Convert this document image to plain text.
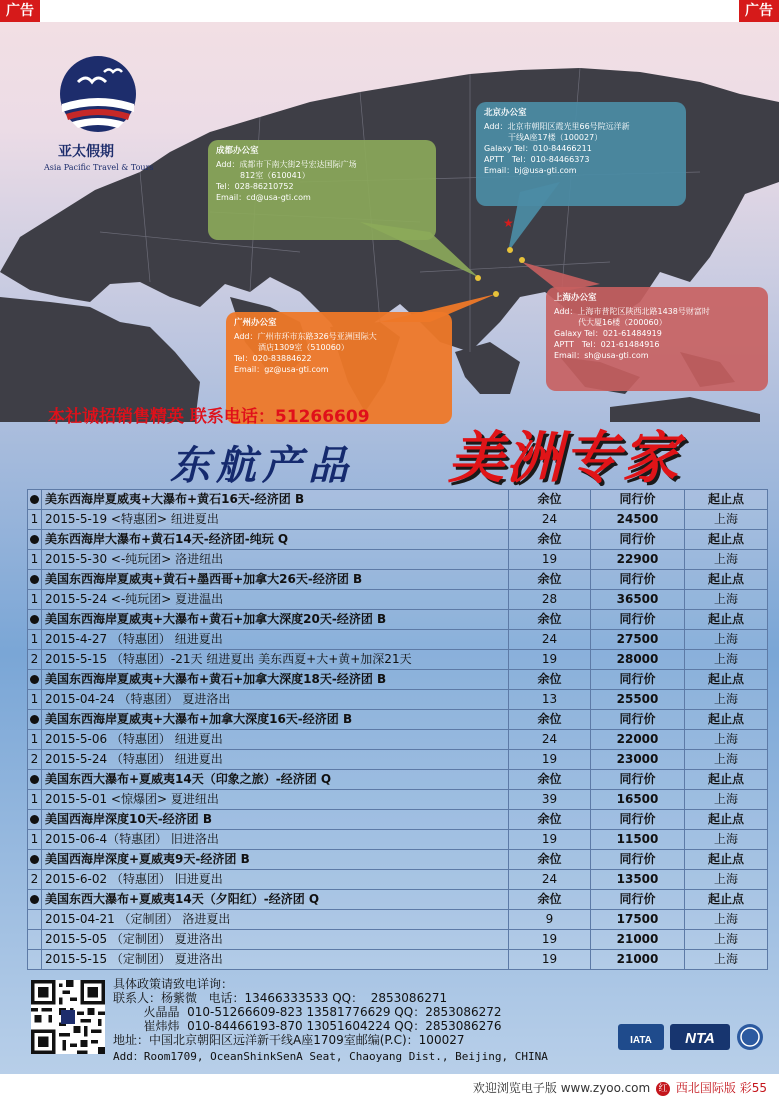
广告	广告
★
亚太假期
Asia Pacific Travel & Tours
成都办公室
Add：成都市下南大街2号宏达国际广场
　　　812室（610041）
Tel：028-86210752
Email：cd@usa-gti.com
北京办公室
Add：北京市朝阳区霞光里66号院远洋新
　　　干线A座17楼（100027）
Galaxy Tel：010-84466211
APTT　Tel：010-84466373
Email：bj@usa-gti.com
上海办公室
Add：上海市普陀区陕西北路1438号财富时
　　　代大厦16楼（200060）
Galaxy Tel：021-61484919
APTT　Tel：021-61484916
Email：sh@usa-gti.com
广州办公室
Add：广州市环市东路326号亚洲国际大
　　　酒店1309室（510060）
Tel：020-83884622
Email：gz@usa-gti.com
本社诚招销售精英 联系电话：51266609
东航产品 美洲专家
	美东西海岸夏威夷+大瀑布+黄石16天-经济团 B	余位	同行价	起止点
1	2015-5-19 <特惠团> 纽进夏出	24	24500	上海
	美东西海岸大瀑布+黄石14天-经济团-纯玩 Q	余位	同行价	起止点
1	2015-5-30 <-纯玩团> 洛进纽出	19	22900	上海
	美国东西海岸夏威夷+黄石+墨西哥+加拿大26天-经济团 B	余位	同行价	起止点
1	2015-5-24 <-纯玩团> 夏进温出	28	36500	上海
	美国东西海岸夏威夷+大瀑布+黄石+加拿大深度20天-经济团 B	余位	同行价	起止点
1	2015-4-27 （特惠团） 纽进夏出	24	27500	上海
2	2015-5-15 （特惠团）-21天 纽进夏出 美东西夏+大+黄+加深21天	19	28000	上海
	美国东西海岸夏威夷+大瀑布+黄石+加拿大深度18天-经济团 B	余位	同行价	起止点
1	2015-04-24 （特惠团） 夏进洛出	13	25500	上海
	美国东西海岸夏威夷+大瀑布+加拿大深度16天-经济团 B	余位	同行价	起止点
1	2015-5-06 （特惠团） 纽进夏出	24	22000	上海
2	2015-5-24 （特惠团） 纽进夏出	19	23000	上海
	美国东西大瀑布+夏威夷14天（印象之旅）-经济团 Q	余位	同行价	起止点
1	2015-5-01 <惊爆团> 夏进纽出	39	16500	上海
	美国西海岸深度10天-经济团 B	余位	同行价	起止点
1	2015-06-4（特惠团） 旧进洛出	19	11500	上海
	美国西海岸深度+夏威夷9天-经济团 B	余位	同行价	起止点
2	2015-6-02 （特惠团） 旧进夏出	24	13500	上海
	美国东西大瀑布+夏威夷14天（夕阳红）-经济团 Q	余位	同行价	起止点
	2015-04-21 （定制团） 洛进夏出	9	17500	上海
	2015-5-05 （定制团） 夏进洛出	19	21000	上海
	2015-5-15 （定制团） 夏进洛出	19	21000	上海
具体政策请致电详询：
联系人：杨紫微   电话：13466333533 QQ：  2853086271
火晶晶  010-51266609-823 13581776629 QQ：2853086272
崔炜炜  010-84466193-870 13051604224 QQ：2853086276
地址：中国北京朝阳区远洋新干线A座1709室邮编(P.C)：100027
Add：Room1709, OceanShinkSenA Seat, Chaoyang Dist., Beijing, CHINA
IATA NTA
欢迎浏览电子版 www.zyoo.com 红 西北国际版 彩55
